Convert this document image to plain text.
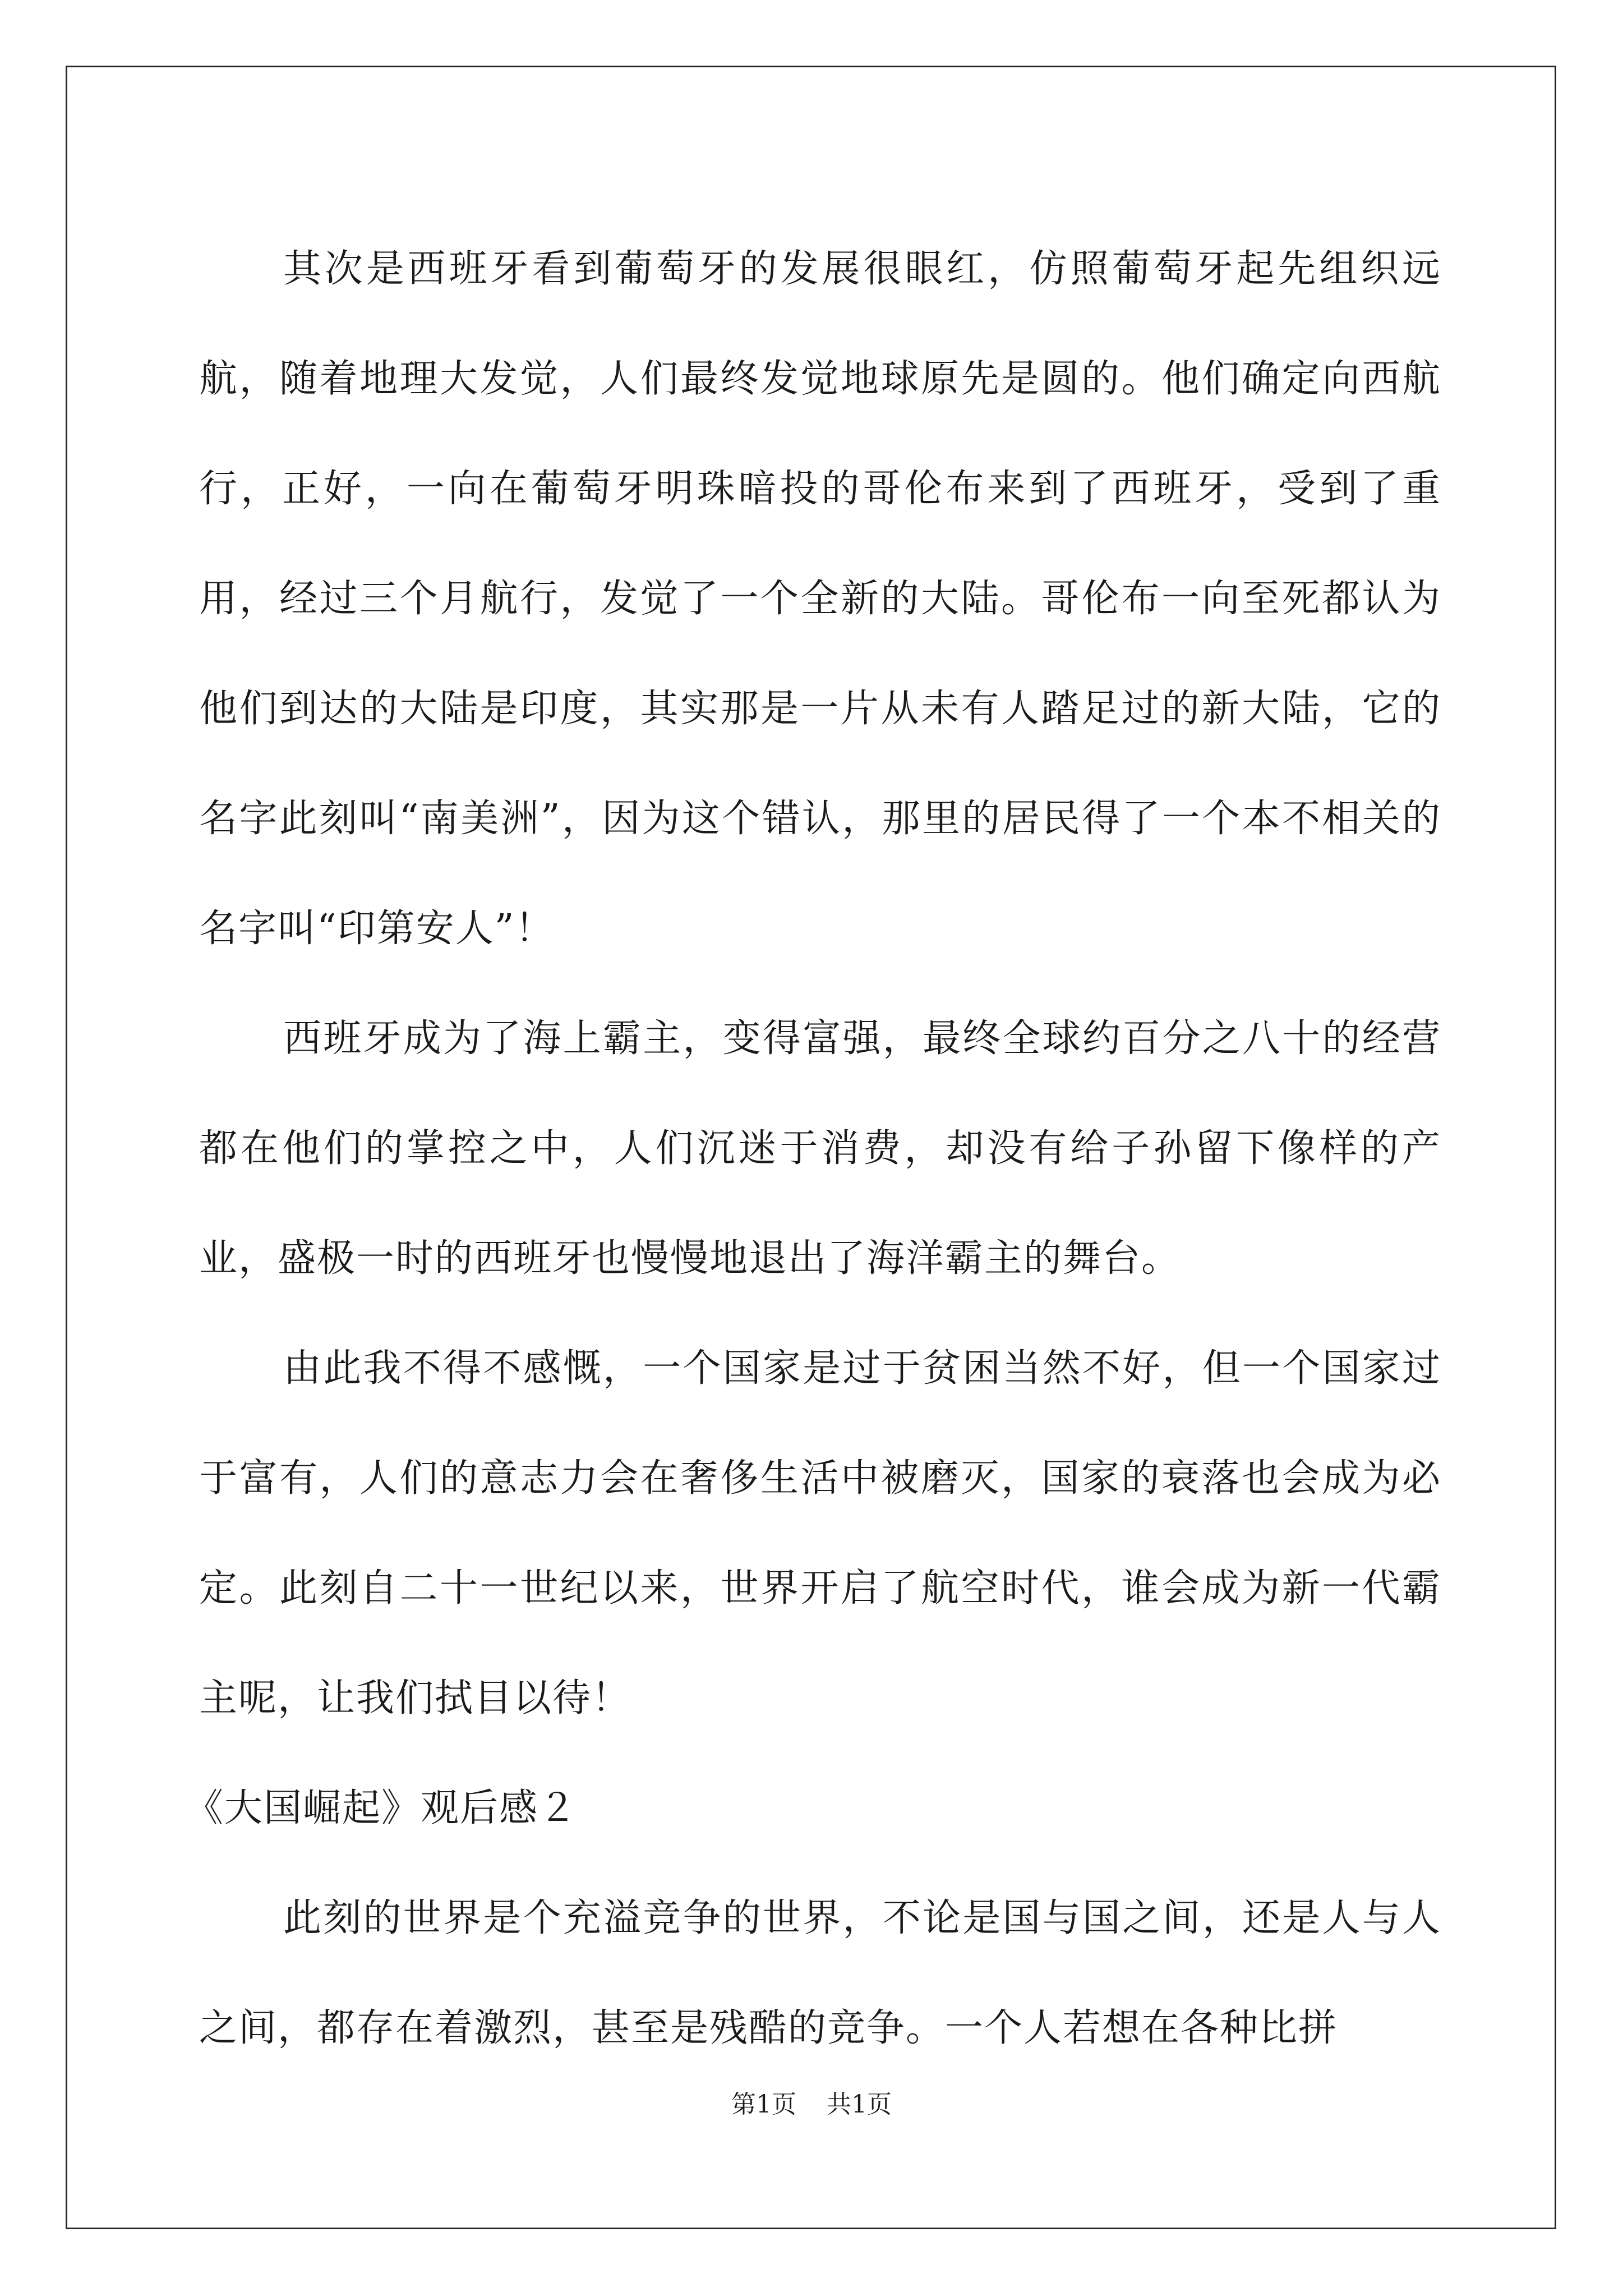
其次是西班牙看到葡萄牙的发展很眼红，仿照葡萄牙起先组织远航，随着地理大发觉，人们最终发觉地球原先是圆的。他们确定向西航行，正好，一向在葡萄牙明珠暗投的哥伦布来到了西班牙，受到了重用，经过三个月航行，发觉了一个全新的大陆。哥伦布一向至死都认为他们到达的大陆是印度，其实那是一片从未有人踏足过的新大陆，它的名字此刻叫“南美洲”，因为这个错认，那里的居民得了一个本不相关的名字叫“印第安人”！

西班牙成为了海上霸主，变得富强，最终全球约百分之八十的经营都在他们的掌控之中，人们沉迷于消费，却没有给子孙留下像样的产业，盛极一时的西班牙也慢慢地退出了海洋霸主的舞台。

由此我不得不感慨，一个国家是过于贫困当然不好，但一个国家过于富有，人们的意志力会在奢侈生活中被磨灭，国家的衰落也会成为必定。此刻自二十一世纪以来，世界开启了航空时代，谁会成为新一代霸主呢，让我们拭目以待！

《大国崛起》观后感２

此刻的世界是个充溢竞争的世界，不论是国与国之间，还是人与人之间，都存在着激烈，甚至是残酷的竞争。一个人若想在各种比拼

第1页 共1页
